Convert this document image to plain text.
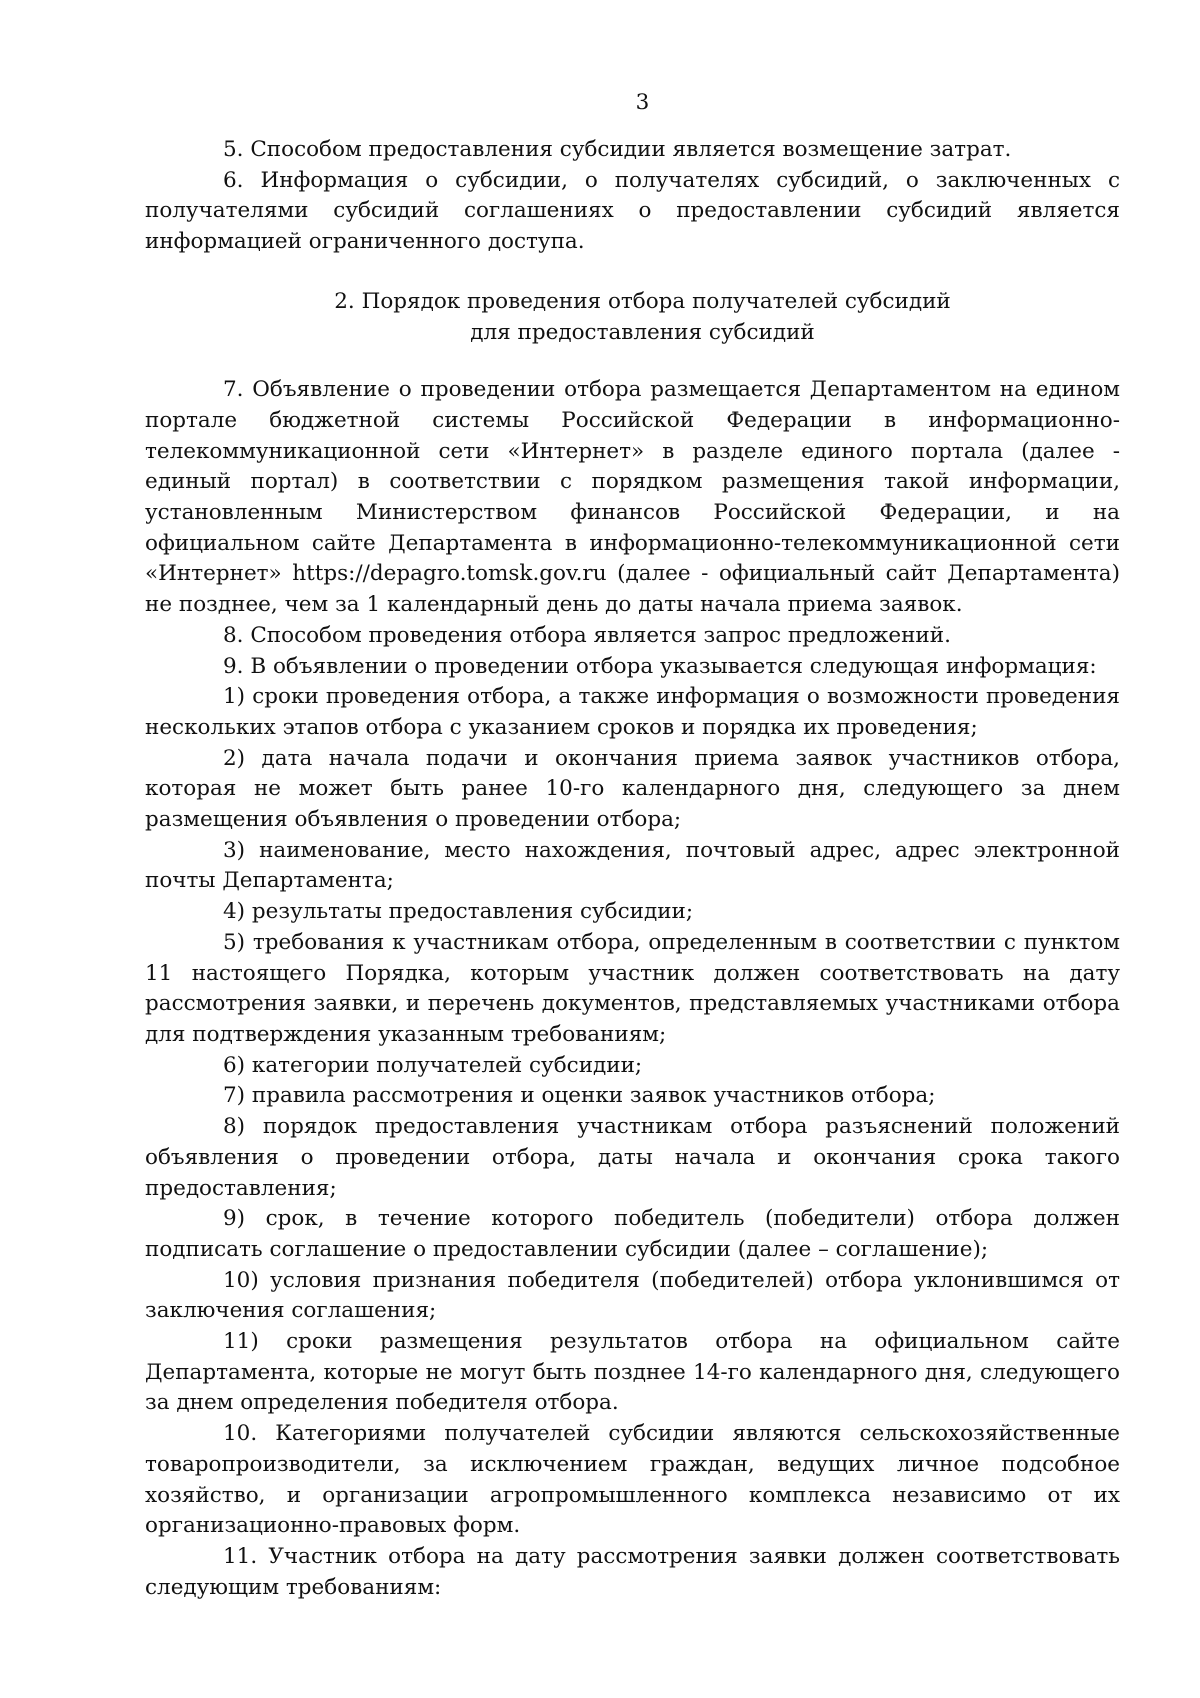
3

5. Способом предоставления субсидии является возмещение затрат.

6. Информация о субсидии, о получателях субсидий, о заключенных с получателями субсидий соглашениях о предоставлении субсидий является информацией ограниченного доступа.

2. Порядок проведения отбора получателей субсидий
для предоставления субсидий

7. Объявление о проведении отбора размещается Департаментом на едином портале бюджетной системы Российской Федерации в информационно-телекоммуникационной сети «Интернет» в разделе единого портала (далее - единый портал) в соответствии с порядком размещения такой информации, установленным Министерством финансов Российской Федерации, и на официальном сайте Департамента в информационно-телекоммуникационной сети «Интернет» https://depagro.tomsk.gov.ru (далее - официальный сайт Департамента) не позднее, чем за 1 календарный день до даты начала приема заявок.

8. Способом проведения отбора является запрос предложений.

9. В объявлении о проведении отбора указывается следующая информация:

1) сроки проведения отбора, а также информация о возможности проведения нескольких этапов отбора с указанием сроков и порядка их проведения;

2) дата начала подачи и окончания приема заявок участников отбора, которая не может быть ранее 10-го календарного дня, следующего за днем размещения объявления о проведении отбора;

3) наименование, место нахождения, почтовый адрес, адрес электронной почты Департамента;

4) результаты предоставления субсидии;

5) требования к участникам отбора, определенным в соответствии с пунктом 11 настоящего Порядка, которым участник должен соответствовать на дату рассмотрения заявки, и перечень документов, представляемых участниками отбора для подтверждения указанным требованиям;

6) категории получателей субсидии;

7) правила рассмотрения и оценки заявок участников отбора;

8) порядок предоставления участникам отбора разъяснений положений объявления о проведении отбора, даты начала и окончания срока такого предоставления;

9) срок, в течение которого победитель (победители) отбора должен подписать соглашение о предоставлении субсидии (далее – соглашение);

10) условия признания победителя (победителей) отбора уклонившимся от заключения соглашения;

11) сроки размещения результатов отбора на официальном сайте Департамента, которые не могут быть позднее 14-го календарного дня, следующего за днем определения победителя отбора.

10. Категориями получателей субсидии являются сельскохозяйственные товаропроизводители, за исключением граждан, ведущих личное подсобное хозяйство, и организации агропромышленного комплекса независимо от их организационно-правовых форм.

11. Участник отбора на дату рассмотрения заявки должен соответствовать следующим требованиям:
